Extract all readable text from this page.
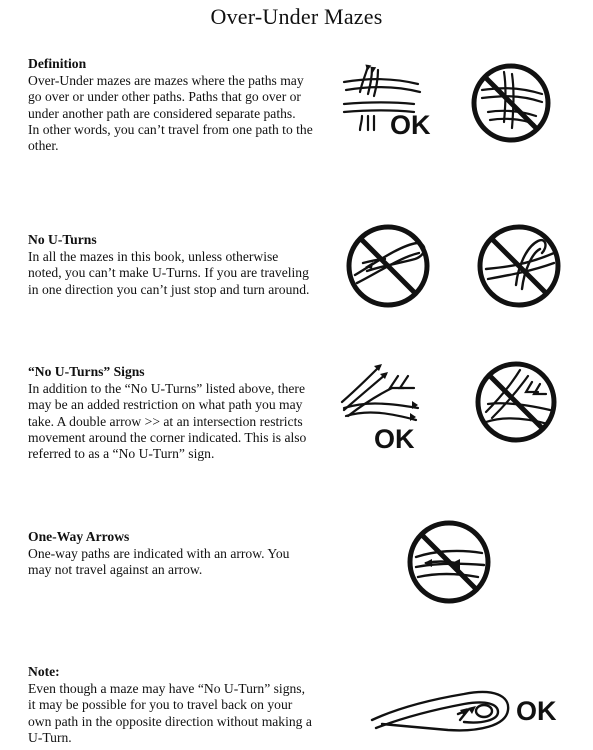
Over-Under Mazes
Definition

Over-Under mazes are mazes where the paths may

go over or under other paths. Paths that go over or

under another path are considered separate paths.

In other words, you can’t travel from one path to the

other.

No U-Turns

In all the mazes in this book, unless otherwise

noted, you can’t make U-Turns. If you are traveling

in one direction you can’t just stop and turn around.

“No U-Turns” Signs

In addition to the “No U-Turns” listed above, there

may be an added restriction on what path you may

take. A double arrow >> at an intersection restricts

movement around the corner indicated. This is also

referred to as a “No U-Turn” sign.

One-Way Arrows

One-way paths are indicated with an arrow. You

may not travel against an arrow.

Note:

Even though a maze may have “No U-Turn” signs,

it may be possible for you to travel back on your

own path in the opposite direction without making a

U-Turn.

OK
OK
OK
